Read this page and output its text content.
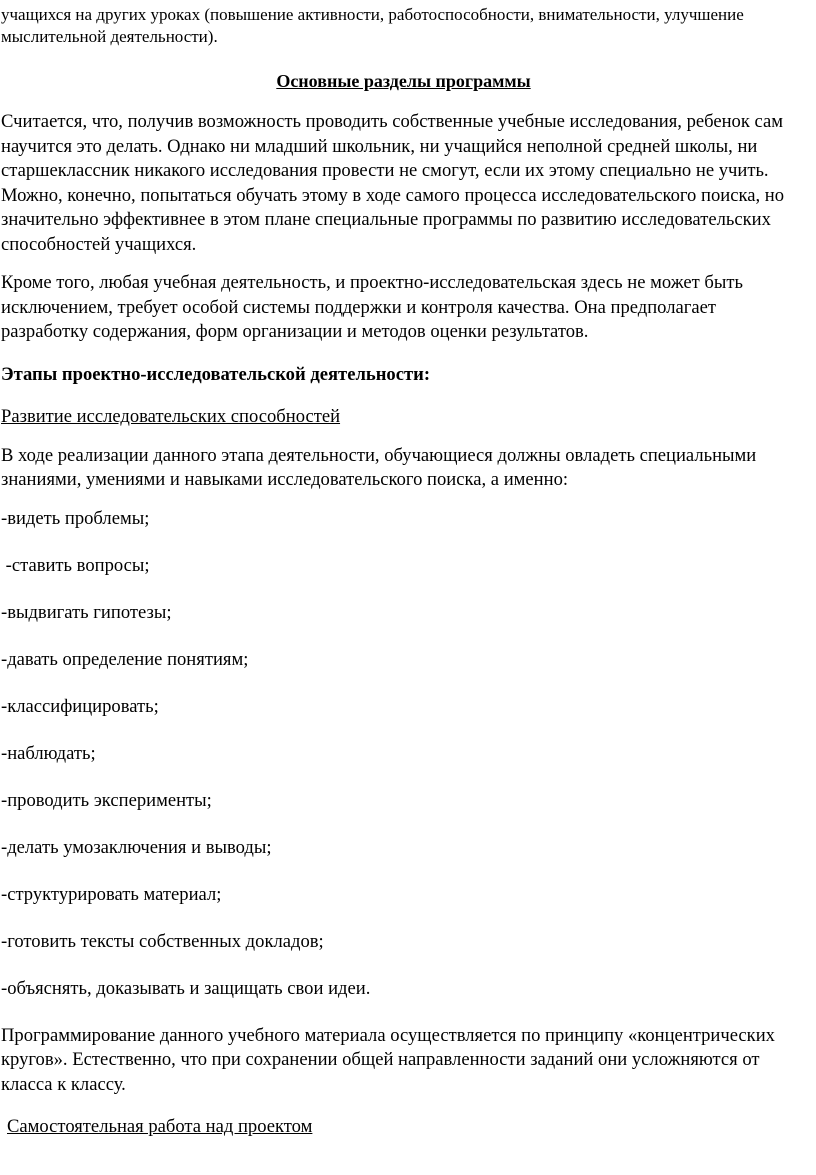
учащихся на других уроках (повышение активности, работоспособности, внимательности, улучшение мыслительной деятельности).

Основные разделы программы

Считается, что, получив возможность проводить собственные учебные исследования, ребенок сам научится это делать. Однако ни младший школьник, ни учащийся неполной средней школы, ни старшеклассник никакого исследования провести не смогут, если их этому специально не учить. Можно, конечно, попытаться обучать этому в ходе самого процесса исследовательского поиска, но значительно эффективнее в этом плане специальные программы по развитию исследовательских способностей учащихся.

Кроме того, любая учебная деятельность, и проектно-исследовательская здесь не может быть исключением, требует особой системы поддержки и контроля качества. Она предполагает разработку содержания, форм организации и методов оценки результатов.

Этапы проектно-исследовательской деятельности:
Развитие исследовательских способностей

В ходе реализации данного этапа деятельности, обучающиеся должны овладеть специальными знаниями, умениями и навыками исследовательского поиска, а именно:

-видеть проблемы;
-ставить вопросы;
-выдвигать гипотезы;
-давать определение понятиям;
-классифицировать;
-наблюдать;
-проводить эксперименты;
-делать умозаключения и выводы;
-структурировать материал;
-готовить тексты собственных докладов;
-объяснять, доказывать и защищать свои идеи.

Программирование данного учебного материала осуществляется по принципу «концентрических кругов». Естественно, что при сохранении общей направленности заданий они усложняются от класса к классу.

Самостоятельная работа над проектом
